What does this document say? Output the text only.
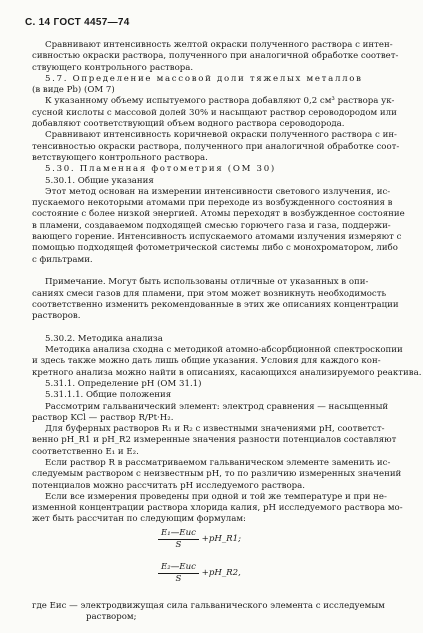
С. 14 ГОСТ 4457—74
Сравнивают интенсивность желтой окраски полученного раствора с интен-
сивностью окраски раствора, полученного при аналогичной обработке соответ-
ствующего контрольного раствора.
5.7. Определение массовой доли тяжелых металлов
(в виде Pb) (ОМ 7)
К указанному объему испытуемого раствора добавляют 0,2 см³ раствора ук-
сусной кислоты с массовой долей 30% и насыщают раствор сероводородом или
добавляют соответствующий объем водного раствора сероводорода.
Сравнивают интенсивность коричневой окраски полученного раствора с ин-
тенсивностью окраски раствора, полученного при аналогичной обработке соот-
ветствующего контрольного раствора.
5.30. Пламенная фотометрия (ОМ 30)
5.30.1. Общие указания
Этот метод основан на измерении интенсивности светового излучения, ис-
пускаемого некоторыми атомами при переходе из возбужденного состояния в
состояние с более низкой энергией. Атомы переходят в возбужденное состояние
в пламени, создаваемом подходящей смесью горючего газа и газа, поддержи-
вающего горение. Интенсивность испускаемого атомами излучения измеряют с
помощью подходящей фотометрической системы либо с монохроматором, либо
с фильтрами.

Примечание. Могут быть использованы отличные от указанных в опи-
саниях смеси газов для пламени, при этом может возникнуть необходимость
соответственно изменить рекомендованные в этих же описаниях концентрации
растворов.

5.30.2. Методика анализа
Методика анализа сходна с методикой атомно-абсорбционной спектроскопии
и здесь также можно дать лишь общие указания. Условия для каждого кон-
кретного анализа можно найти в описаниях, касающихся анализируемого реактива.
5.31.1. Определение pH (ОМ 31.1)
5.31.1.1. Общие положения
Рассмотрим гальванический элемент: электрод сравнения — насыщенный
раствор KCl — раствор R/Pt·H₂.
Для буферных растворов R₁ и R₂ с известными значениями pH, соответст-
венно pH_R1 и pH_R2 измеренные значения разности потенциалов составляют
соответственно E₁ и E₂.
Если раствор R в рассматриваемом гальваническом элементе заменить ис-
следуемым раствором с неизвестным pH, то по различию измеренных значений
потенциалов можно рассчитать pH исследуемого раствора.
Если все измерения проведены при одной и той же температуре и при не-
изменной концентрации раствора хлорида калия, pH исследуемого раствора мо-
жет быть рассчитан по следующим формулам:
$\frac{\text{E₁—Eис}}{S}$ +pH_R1;
$\frac{\text{E₂—Eис}}{S}$ +pH_R2,
где Eис — электродвижущая сила гальванического элемента с исследуемым
раствором;
